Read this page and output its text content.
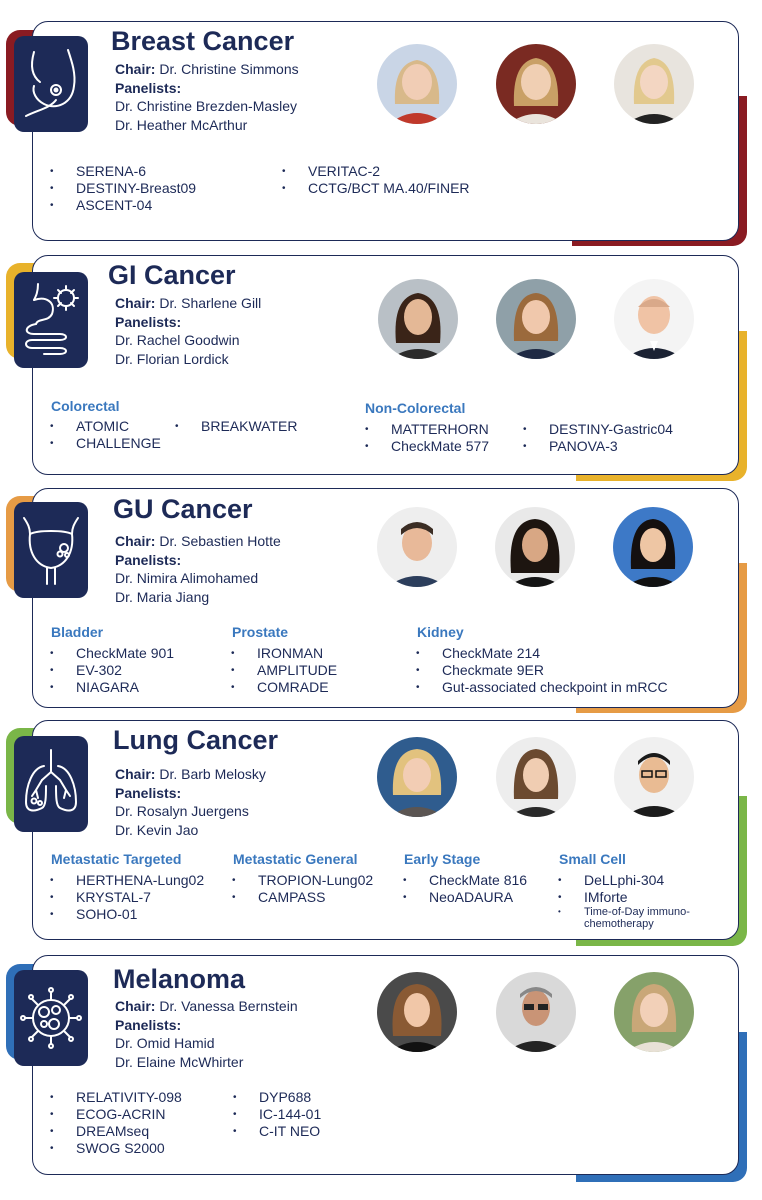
Breast Cancer
Chair: Dr. Christine Simmons
Panelists:
Dr. Christine Brezden-Masley
Dr. Heather McArthur
• SERENA-6
• DESTINY-Breast09
• ASCENT-04
• VERITAC-2
• CCTG/BCT MA.40/FINER
GI Cancer
Chair: Dr. Sharlene Gill
Panelists:
Dr. Rachel Goodwin
Dr. Florian Lordick
Colorectal
• ATOMIC
• CHALLENGE
• BREAKWATER
Non-Colorectal
• MATTERHORN
• CheckMate 577
• DESTINY-Gastric04
• PANOVA-3
GU Cancer
Chair: Dr. Sebastien Hotte
Panelists:
Dr. Nimira Alimohamed
Dr. Maria Jiang
Bladder
• CheckMate 901
• EV-302
• NIAGARA
Prostate
• IRONMAN
• AMPLITUDE
• COMRADE
Kidney
• CheckMate 214
• Checkmate 9ER
• Gut-associated checkpoint in mRCC
Lung Cancer
Chair: Dr. Barb Melosky
Panelists:
Dr. Rosalyn Juergens
Dr. Kevin Jao
Metastatic Targeted
• HERTHENA-Lung02
• KRYSTAL-7
• SOHO-01
Metastatic General
• TROPION-Lung02
• CAMPASS
Early Stage
• CheckMate 816
• NeoADAURA
Small Cell
• DeLLphi-304
• IMforte
• Time-of-Day immuno-chemotherapy
Melanoma
Chair: Dr. Vanessa Bernstein
Panelists:
Dr. Omid Hamid
Dr. Elaine McWhirter
• RELATIVITY-098
• ECOG-ACRIN
• DREAMseq
• SWOG S2000
• DYP688
• IC-144-01
• C-IT NEO
